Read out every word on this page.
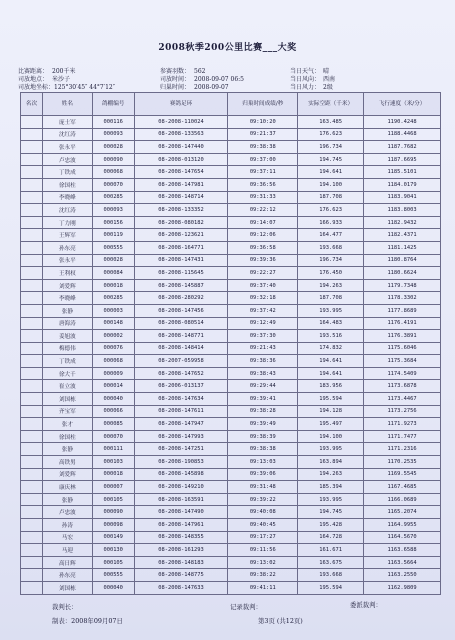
2008秋季200公里比赛___大奖
比赛距离： 200千米
司放地点： 米沙子
司放地坐标：125°30′45″ 44°7′12″
参赛羽数： 562
司放时间： 2008-09-07 06:5
归巢时间： 2008-09-07
当日天气： 晴
当日风向： 西南
当日风力： 2级
名次	姓名	鸽棚编号	赛鸽足环	归巢时间成绩/秒	实际空距（千米）	飞行速度（米/分）
	庞士军	000116	08-2008-110024	09:10:20	163.485	1190.4248
	沈红涛	000093	08-2008-133563	09:21:37	176.623	1188.4468
	张永平	000028	08-2008-147440	09:38:38	196.734	1187.7682
	卢忠波	000090	08-2008-013120	09:37:00	194.745	1187.6695
	丁铁成	000068	08-2008-147654	09:37:11	194.641	1185.5101
	徐国柱	000070	08-2008-147981	09:36:56	194.100	1184.0179
	李晓峰	000285	08-2008-148714	09:31:33	187.708	1183.9041
	沈红涛	000093	08-2008-133352	09:22:12	176.623	1183.8003
	丁力刚	000156	08-2008-080182	09:14:07	166.933	1182.9432
	王辉军	000119	08-2008-123621	09:12:06	164.477	1182.4371
	孙东亮	000555	08-2008-164771	09:36:58	193.668	1181.1425
	张永平	000028	08-2008-147431	09:39:36	196.734	1180.8764
	王利权	000084	08-2008-115645	09:22:27	176.450	1180.6624
	刘爱辉	000018	08-2008-145887	09:37:40	194.263	1179.7348
	李晓峰	000285	08-2008-280292	09:32:18	187.708	1178.3302
	张静	000003	08-2008-147456	09:37:42	193.995	1177.8689
	唐海涛	000148	08-2008-080514	09:12:49	164.483	1176.4191
	姜旭波	000002	08-2008-148771	09:37:30	193.516	1176.3891
	梅德伟	000076	08-2008-148414	09:21:43	174.832	1175.6046
	丁铁成	000068	08-2007-059958	09:38:36	194.641	1175.3684
	徐大千	000009	08-2008-147652	09:38:43	194.641	1174.5409
	崔立波	000014	08-2006-013137	09:29:44	183.956	1173.6878
	刘国栋	000040	08-2008-147634	09:39:41	195.594	1173.4467
	齐宝军	000066	08-2008-147611	09:38:28	194.128	1173.2756
	张才	000085	08-2008-147947	09:39:49	195.497	1171.9273
	徐国柱	000070	08-2008-147993	09:38:39	194.100	1171.7477
	张静	000111	08-2008-147251	09:38:38	193.995	1171.2316
	高铁男	000103	08-2008-190853	09:13:03	163.894	1170.2535
	刘爱辉	000018	08-2008-145898	09:39:06	194.263	1169.5545
	康庆林	000007	08-2008-149210	09:31:48	185.394	1167.4685
	张静	000105	08-2008-163591	09:39:22	193.995	1166.0689
	卢忠波	000090	08-2008-147490	09:40:08	194.745	1165.2074
	孙涛	000098	08-2008-147961	09:40:45	195.428	1164.9955
	马宏	000149	08-2008-148355	09:17:27	164.728	1164.5670
	马迎	000130	08-2008-161293	09:11:56	161.671	1163.6588
	高日辉	000105	08-2008-148183	09:13:02	163.675	1163.5664
	孙东亮	000555	08-2008-148775	09:38:22	193.668	1163.2550
	刘国栋	000040	08-2008-147633	09:41:11	195.594	1162.9809
裁判长：	记录裁判：	委派裁判：
制表：2008年09月07日	第3页 (共12页)
